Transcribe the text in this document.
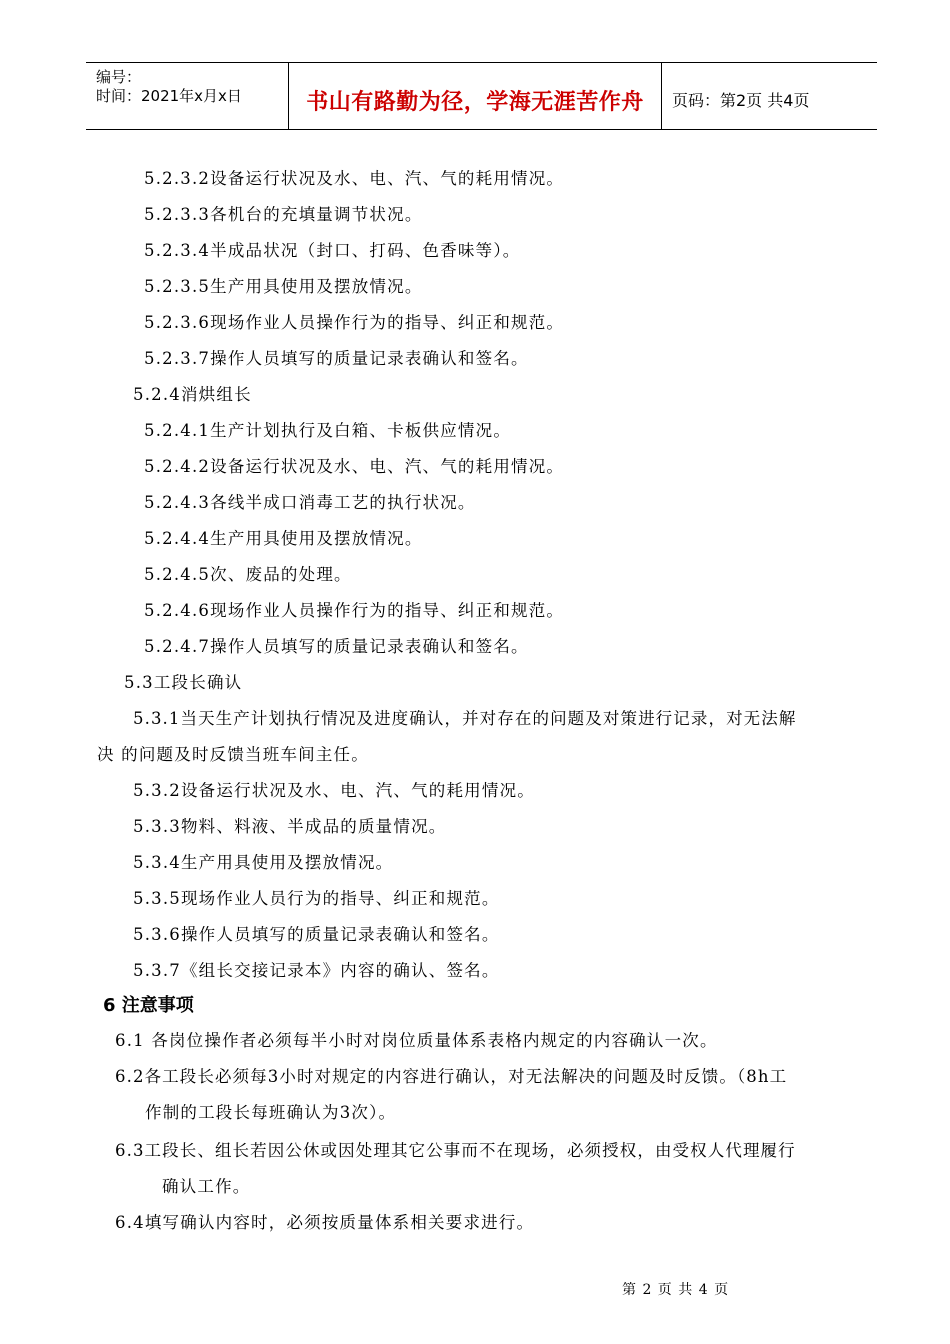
编号：
时间：2021年x月x日	书山有路勤为径，学海无涯苦作舟	页码：第2页 共4页
5.2.3.2设备运行状况及水、电、汽、气的耗用情况。
5.2.3.3各机台的充填量调节状况。
5.2.3.4半成品状况（封口、打码、色香味等）。
5.2.3.5生产用具使用及摆放情况。
5.2.3.6现场作业人员操作行为的指导、纠正和规范。
5.2.3.7操作人员填写的质量记录表确认和签名。
5.2.4消烘组长
5.2.4.1生产计划执行及白箱、卡板供应情况。
5.2.4.2设备运行状况及水、电、汽、气的耗用情况。
5.2.4.3各线半成口消毒工艺的执行状况。
5.2.4.4生产用具使用及摆放情况。
5.2.4.5次、废品的处理。
5.2.4.6现场作业人员操作行为的指导、纠正和规范。
5.2.4.7操作人员填写的质量记录表确认和签名。
5.3工段长确认
5.3.1当天生产计划执行情况及进度确认，并对存在的问题及对策进行记录，对无法解
决 的问题及时反馈当班车间主任。
5.3.2设备运行状况及水、电、汽、气的耗用情况。
5.3.3物料、料液、半成品的质量情况。
5.3.4生产用具使用及摆放情况。
5.3.5现场作业人员行为的指导、纠正和规范。
5.3.6操作人员填写的质量记录表确认和签名。
5.3.7《组长交接记录本》内容的确认、签名。
6 注意事项
6.1 各岗位操作者必须每半小时对岗位质量体系表格内规定的内容确认一次。
6.2各工段长必须每3小时对规定的内容进行确认，对无法解决的问题及时反馈。（8h工
作制的工段长每班确认为3次）。
6.3工段长、组长若因公休或因处理其它公事而不在现场，必须授权，由受权人代理履行
确认工作。
6.4填写确认内容时，必须按质量体系相关要求进行。
第 2 页 共 4 页
